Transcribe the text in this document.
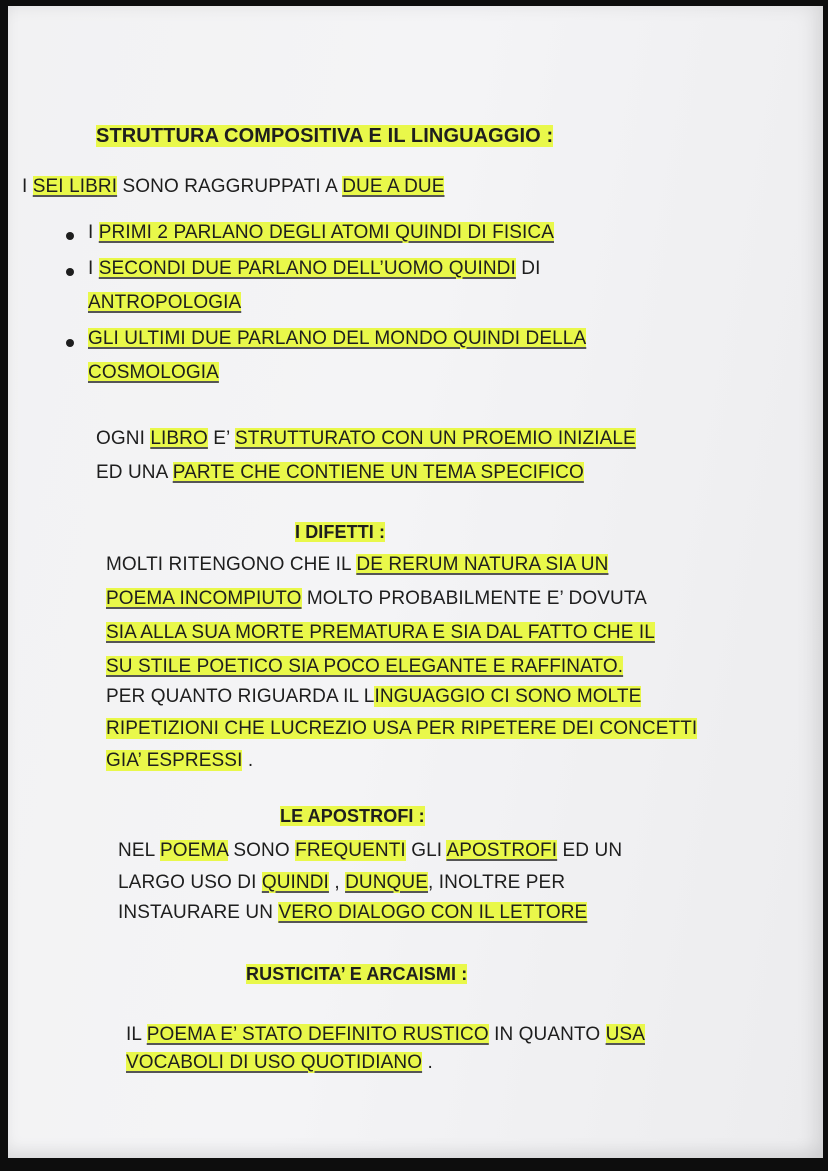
STRUTTURA COMPOSITIVA E IL LINGUAGGIO :

I SEI LIBRI SONO RAGGRUPPATI A DUE A DUE

I PRIMI 2 PARLANO DEGLI ATOMI QUINDI DI FISICA

I SECONDI DUE PARLANO DELL’UOMO QUINDI DI

ANTROPOLOGIA

GLI ULTIMI DUE PARLANO DEL MONDO QUINDI DELLA

COSMOLOGIA

OGNI LIBRO E’ STRUTTURATO CON UN PROEMIO INIZIALE

ED UNA PARTE CHE CONTIENE UN TEMA SPECIFICO

I DIFETTI :

MOLTI RITENGONO CHE IL DE RERUM NATURA SIA UN

POEMA INCOMPIUTO MOLTO PROBABILMENTE E’ DOVUTA

SIA ALLA SUA MORTE PREMATURA E SIA DAL FATTO CHE IL

SU STILE POETICO SIA POCO ELEGANTE E RAFFINATO.

PER QUANTO RIGUARDA IL LINGUAGGIO CI SONO MOLTE

RIPETIZIONI CHE LUCREZIO USA PER RIPETERE DEI CONCETTI

GIA’ ESPRESSI .

LE APOSTROFI :

NEL POEMA SONO FREQUENTI GLI APOSTROFI ED UN

LARGO USO DI QUINDI , DUNQUE, INOLTRE PER

INSTAURARE UN VERO DIALOGO CON IL LETTORE

RUSTICITA’ E ARCAISMI :

IL POEMA E’ STATO DEFINITO RUSTICO IN QUANTO USA

VOCABOLI DI USO QUOTIDIANO .
